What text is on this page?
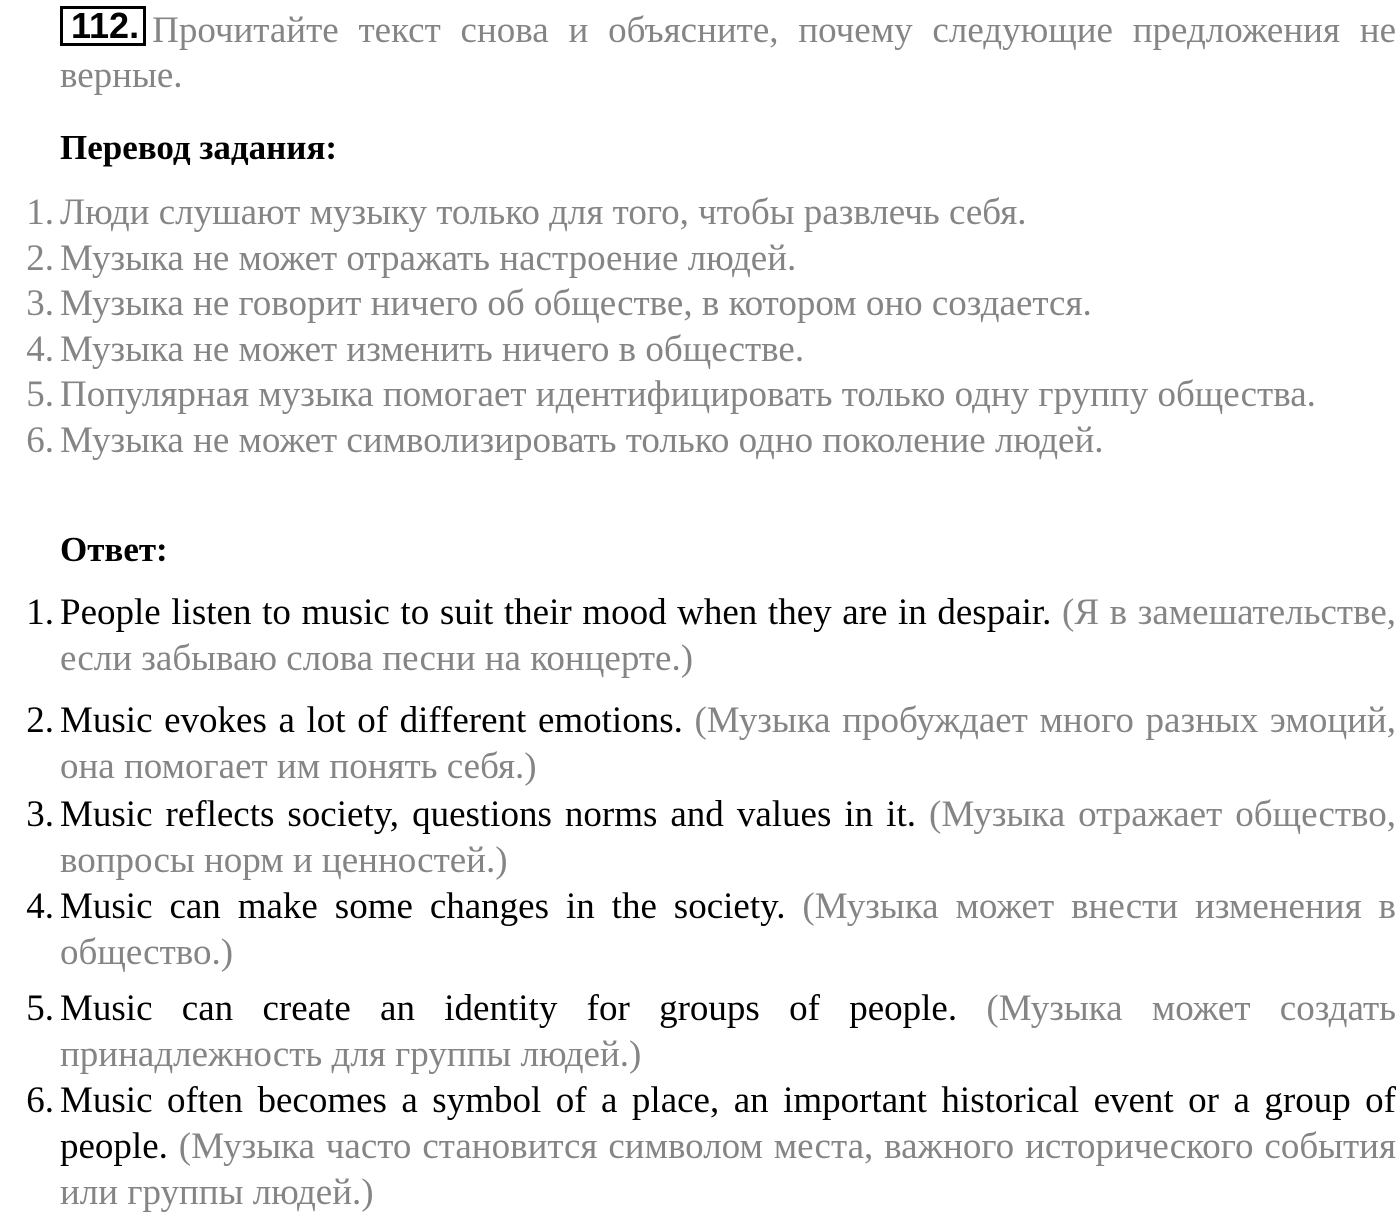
112. Прочитайте текст снова и объясните, почему следующие предложения не верные.
Перевод задания:
1. Люди слушают музыку только для того, чтобы развлечь себя.
2. Музыка не может отражать настроение людей.
3. Музыка не говорит ничего об обществе, в котором оно создается.
4. Музыка не может изменить ничего в обществе.
5. Популярная музыка помогает идентифицировать только одну группу общества.
6. Музыка не может символизировать только одно поколение людей.
Ответ:
1. People listen to music to suit their mood when they are in despair. (Я в замешательстве, если забываю слова песни на концерте.)
2. Music evokes a lot of different emotions. (Музыка пробуждает много разных эмоций, она помогает им понять себя.)
3. Music reflects society, questions norms and values in it. (Музыка отражает общество, вопросы норм и ценностей.)
4. Music can make some changes in the society. (Музыка может внести изменения в общество.)
5. Music can create an identity for groups of people. (Музыка может создать принадлежность для группы людей.)
6. Music often becomes a symbol of a place, an important historical event or a group of people. (Музыка часто становится символом места, важного исторического события или группы людей.)
